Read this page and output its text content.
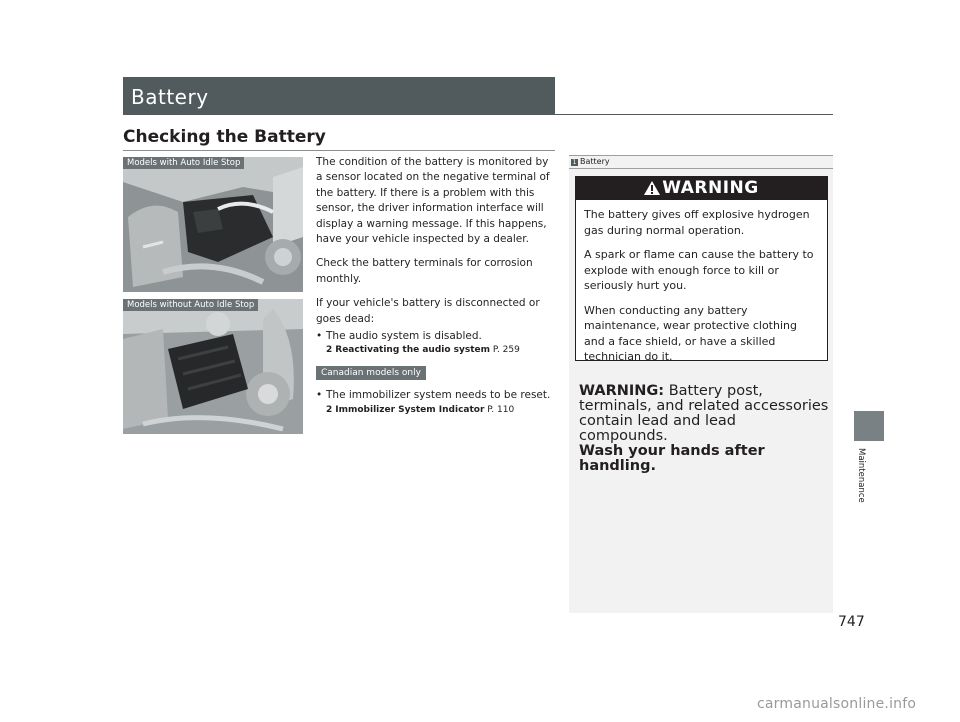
Battery
Checking the Battery
Models with Auto Idle Stop
Models without Auto Idle Stop

The condition of the battery is monitored by a sensor located on the negative terminal of the battery. If there is a problem with this sensor, the driver information interface will display a warning message. If this happens, have your vehicle inspected by a dealer.

Check the battery terminals for corrosion monthly.

If your vehicle's battery is disconnected or goes dead:

• The audio system is disabled.
2 Reactivating the audio system P. 259
Canadian models only
• The immobilizer system needs to be reset.
2 Immobilizer System Indicator P. 110
1 Battery
WARNING

The battery gives off explosive hydrogen gas during normal operation.

A spark or flame can cause the battery to explode with enough force to kill or seriously hurt you.

When conducting any battery maintenance, wear protective clothing and a face shield, or have a skilled technician do it.

WARNING: Battery post, terminals, and related accessories contain lead and lead compounds.
Wash your hands after handling.	Maintenance
747
carmanualsonline.info
